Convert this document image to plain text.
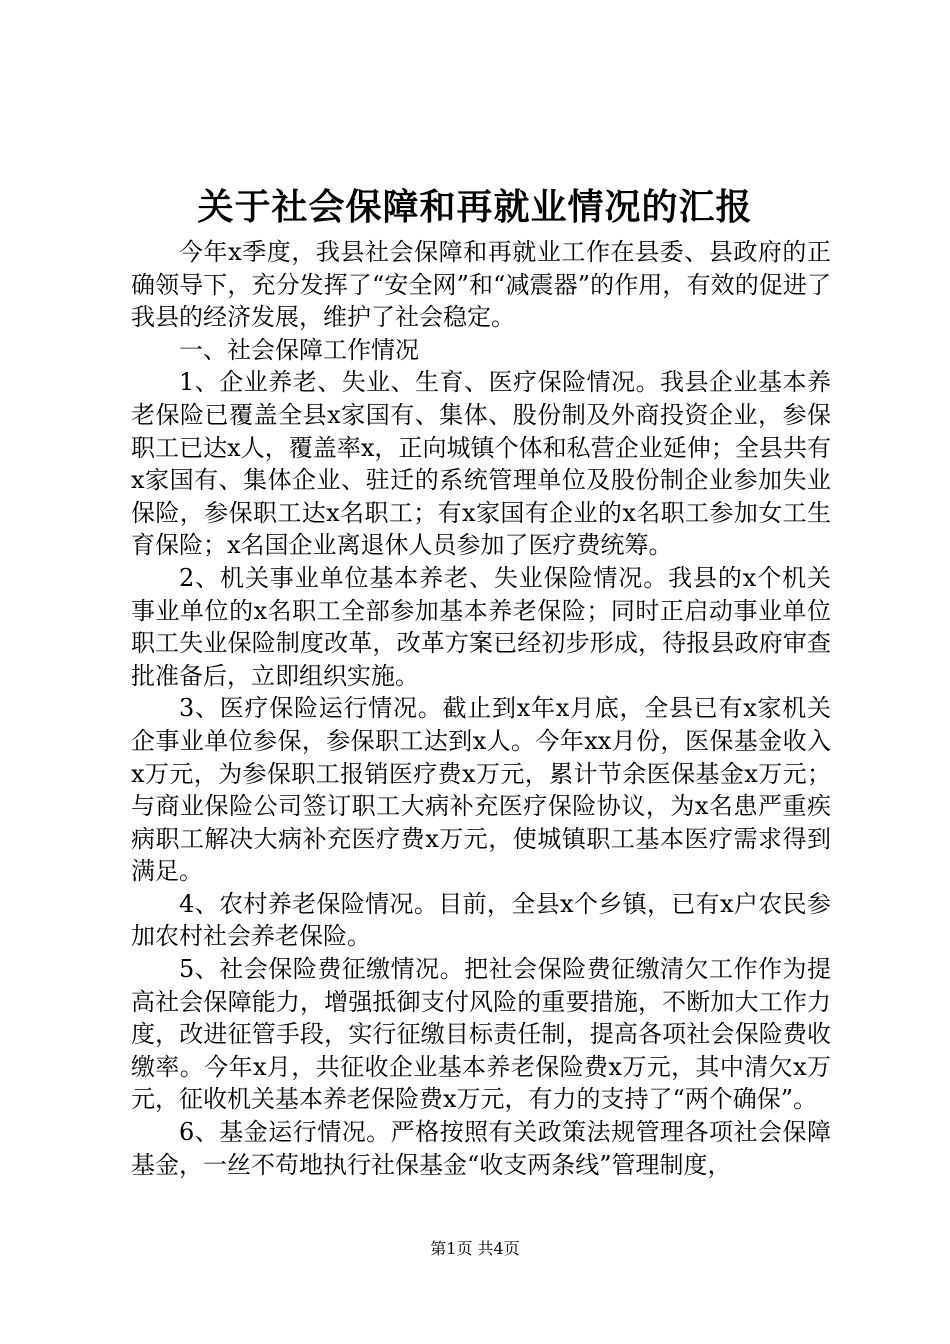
关于社会保障和再就业情况的汇报

今年x季度，我县社会保障和再就业工作在县委、县政府的正确领导下，充分发挥了“安全网”和“减震器”的作用，有效的促进了我县的经济发展，维护了社会稳定。

一、社会保障工作情况

1、企业养老、失业、生育、医疗保险情况。我县企业基本养老保险已覆盖全县x家国有、集体、股份制及外商投资企业，参保职工已达x人，覆盖率x，正向城镇个体和私营企业延伸；全县共有x家国有、集体企业、驻迁的系统管理单位及股份制企业参加失业保险，参保职工达x名职工；有x家国有企业的x名职工参加女工生育保险；x名国企业离退休人员参加了医疗费统筹。

2、机关事业单位基本养老、失业保险情况。我县的x个机关事业单位的x名职工全部参加基本养老保险；同时正启动事业单位职工失业保险制度改革，改革方案已经初步形成，待报县政府审查批准备后，立即组织实施。

3、医疗保险运行情况。截止到x年x月底，全县已有x家机关企事业单位参保，参保职工达到x人。今年xx月份，医保基金收入x万元，为参保职工报销医疗费x万元，累计节余医保基金x万元；与商业保险公司签订职工大病补充医疗保险协议，为x名患严重疾病职工解决大病补充医疗费x万元，使城镇职工基本医疗需求得到满足。

4、农村养老保险情况。目前，全县x个乡镇，已有x户农民参加农村社会养老保险。

5、社会保险费征缴情况。把社会保险费征缴清欠工作作为提高社会保障能力，增强抵御支付风险的重要措施，不断加大工作力度，改进征管手段，实行征缴目标责任制，提高各项社会保险费收缴率。今年x月，共征收企业基本养老保险费x万元，其中清欠x万元，征收机关基本养老保险费x万元，有力的支持了“两个确保”。

6、基金运行情况。严格按照有关政策法规管理各项社会保障基金，一丝不苟地执行社保基金“收支两条线”管理制度，

第1页 共4页
